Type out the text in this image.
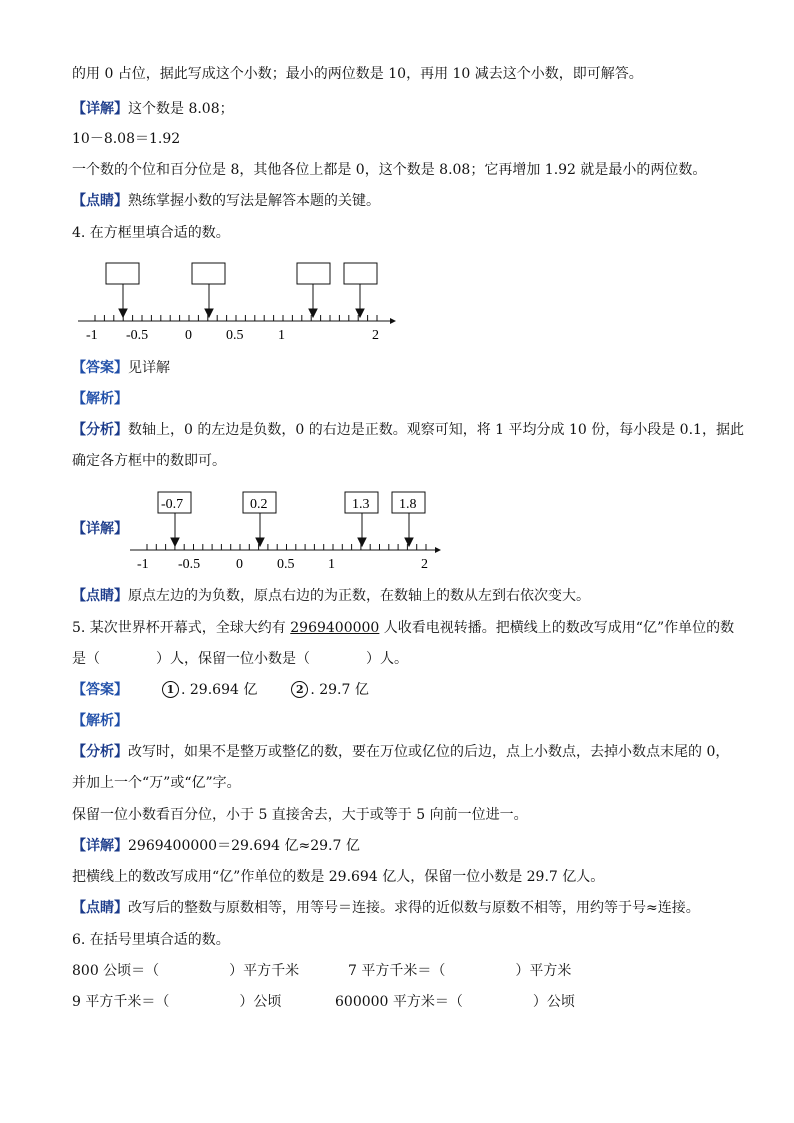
的用 0 占位，据此写成这个小数；最小的两位数是 10，再用 10 减去这个小数，即可解答。
【详解】这个数是 8.08；
10－8.08＝1.92
一个数的个位和百分位是 8，其他各位上都是 0，这个数是 8.08；它再增加 1.92 就是最小的两位数。
【点睛】熟练掌握小数的写法是解答本题的关键。
4. 在方框里填合适的数。
-1 -0.5	0 0.5 1	2
【答案】见详解
【解析】
【分析】数轴上，0 的左边是负数，0 的右边是正数。观察可知，将 1 平均分成 10 份，每小段是 0.1，据此
确定各方框中的数即可。
【详解】
-0.7	0.2	1.3 1.8
-1 -0.5	0 0.5 1	2
【点睛】原点左边的为负数，原点右边的为正数，在数轴上的数从左到右依次变大。
5. 某次世界杯开幕式，全球大约有 2969400000 人收看电视转播。把横线上的数改写成用“亿”作单位的数
是（　　　　）人，保留一位小数是（　　　　）人。
【答案】	1 . 29.694 亿	2 . 29.7 亿
【解析】
【分析】改写时，如果不是整万或整亿的数，要在万位或亿位的后边，点上小数点，去掉小数点末尾的 0，
并加上一个“万”或“亿”字。
保留一位小数看百分位，小于 5 直接舍去，大于或等于 5 向前一位进一。
【详解】2969400000＝29.694 亿≈29.7 亿
把横线上的数改写成用“亿”作单位的数是 29.694 亿人，保留一位小数是 29.7 亿人。
【点睛】改写后的整数与原数相等，用等号＝连接。求得的近似数与原数不相等，用约等于号≈连接。
6. 在括号里填合适的数。
800 公顷＝（　　　　　）平方千米	7 平方千米＝（　　　　　）平方米
9 平方千米＝（　　　　　）公顷	600000 平方米＝（　　　　　）公顷
